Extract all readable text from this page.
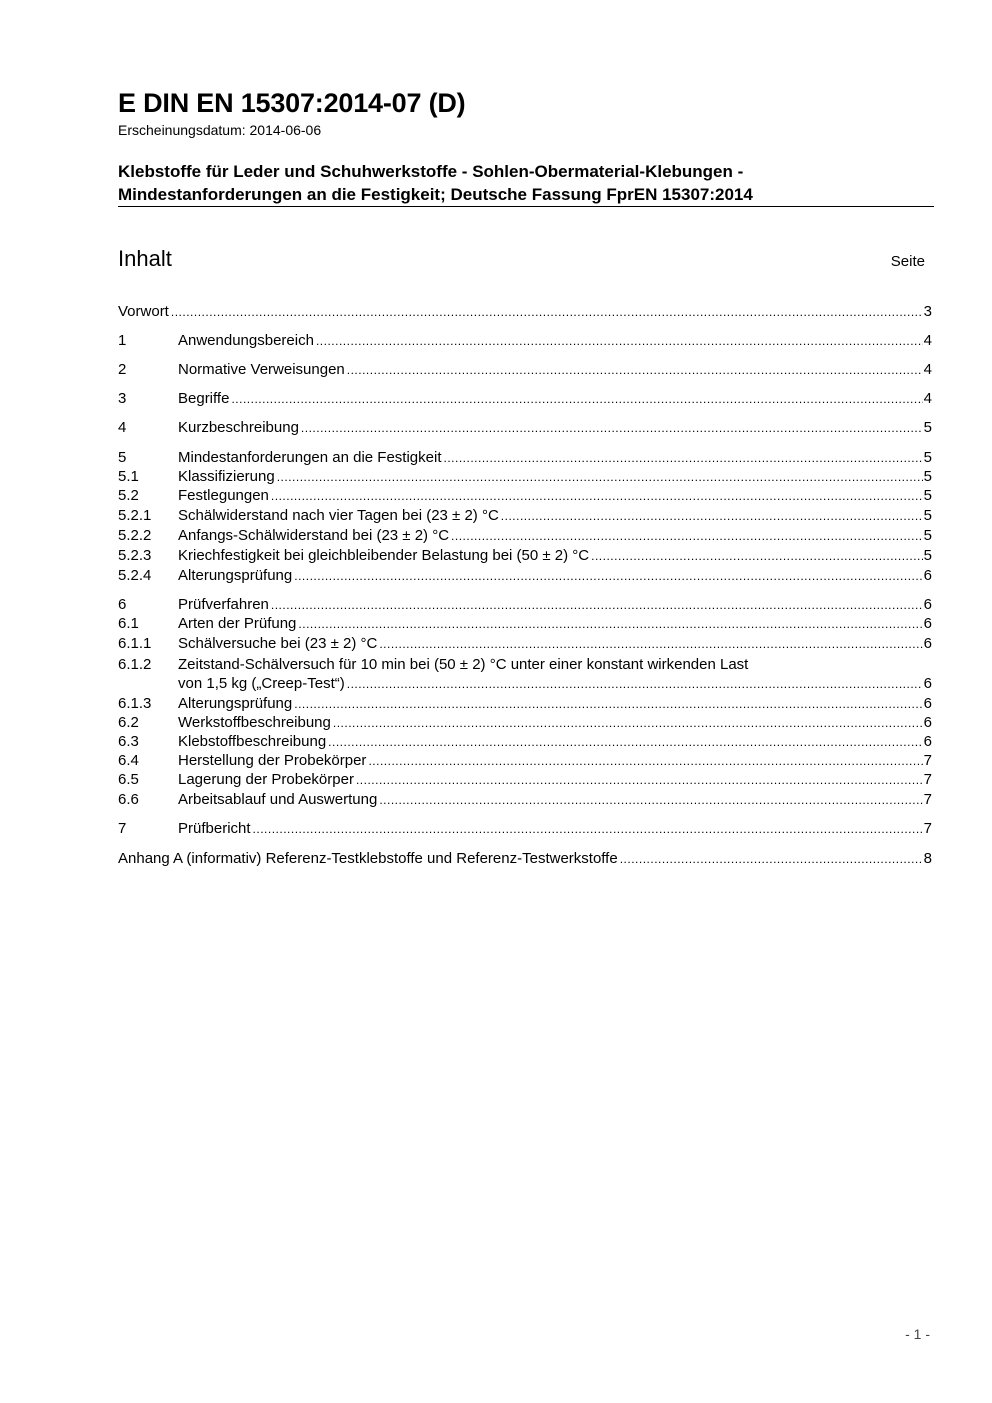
E DIN EN 15307:2014-07 (D)
Erscheinungsdatum: 2014-06-06
Klebstoffe für Leder und Schuhwerkstoffe - Sohlen-Obermaterial-Klebungen -
Mindestanforderungen an die Festigkeit; Deutsche Fassung FprEN 15307:2014
Inhalt	Seite
Vorwort .....	3
1	Anwendungsbereich .....	4
2	Normative Verweisungen .....	4
3	Begriffe .....	4
4	Kurzbeschreibung .....	5
5	Mindestanforderungen an die Festigkeit .....	5
5.1	Klassifizierung .....	5
5.2	Festlegungen .....	5
5.2.1 Schälwiderstand nach vier Tagen bei (23 ± 2) °C .....	5
5.2.2 Anfangs-Schälwiderstand bei (23 ± 2) °C .....	5
5.2.3 Kriechfestigkeit bei gleichbleibender Belastung bei (50 ± 2) °C .....	5
5.2.4 Alterungsprüfung .....	6
6	Prüfverfahren .....	6
6.1	Arten der Prüfung .....	6
6.1.1 Schälversuche bei (23 ± 2) °C .....	6
6.1.2 Zeitstand-Schälversuch für 10 min bei (50 ± 2) °C unter einer konstant wirkenden Last
von 1,5 kg („Creep-Test“) .....	6
6.1.3 Alterungsprüfung .....	6
6.2	Werkstoffbeschreibung .....	6
6.3	Klebstoffbeschreibung .....	6
6.4	Herstellung der Probekörper .....	7
6.5	Lagerung der Probekörper .....	7
6.6	Arbeitsablauf und Auswertung .....	7
7	Prüfbericht .....	7
Anhang A (informativ) Referenz-Testklebstoffe und Referenz-Testwerkstoffe .....	8
- 1 -
